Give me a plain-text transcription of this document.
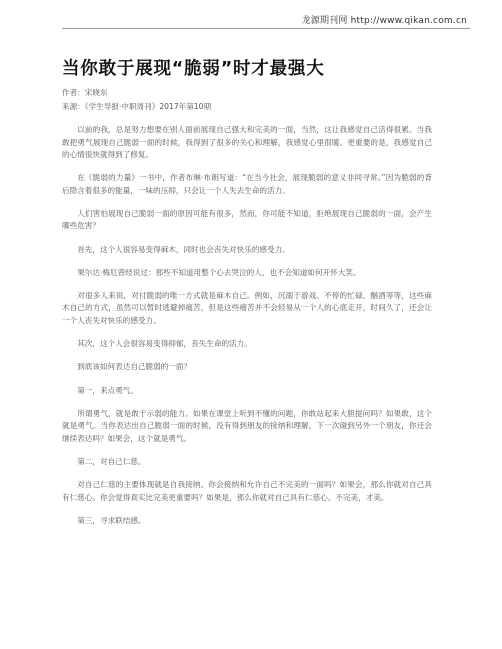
龙源期刊网 http://www.qikan.com.cn
当你敢于展现“脆弱”时才最强大
作者：宋晓东
来源：《学生导报·中职周刊》2017年第10期

以前的我，总是努力想要在别人面前展现自己强大和完美的一面，当然，这让我感觉自己活得很累。当我敢把勇气展现自己脆弱一面的时候，我得到了很多的关心和理解，我感觉心里很暖。更重要的是，我感觉自己的心情很快就得到了修复。

在《脆弱的力量》一书中，作者布琳·布朗写道：“在当今社会，展现脆弱的意义非同寻常。”因为脆弱的背后隐含着很多的能量，一味的压抑，只会让一个人失去生命的活力。

人们害怕展现自己脆弱一面的原因可能有很多，然而，你可能不知道，拒绝展现自己脆弱的一面，会产生哪些危害？

首先，这个人很容易变得麻木，同时也会丧失对快乐的感受力。

果尔达·梅厄曾经说过：那些不知道用整个心去哭泣的人，也不会知道如何开怀大笑。

对很多人来说，对付脆弱的唯一方式就是麻木自己。例如，沉溺于游戏、不停的忙碌、酗酒等等，这些麻木自己的方式，虽然可以暂时逃避掉痛苦，但是这些痛苦并不会轻易从一个人的心底走开，时间久了，还会让一个人丧失对快乐的感受力。

其次，这个人会很容易变得抑郁，丧失生命的活力。

到底该如何表达自己脆弱的一面？

第一，来点勇气。

所谓勇气，就是敢于示弱的能力。如果在课堂上听到不懂的问题，你敢站起来大胆提问吗？如果敢，这个就是勇气。当你表达出自己脆弱一面的时候，没有得到朋友的接纳和理解，下一次碰到另外一个朋友，你还会继续表达吗？如果会，这个就是勇气。

第二，对自己仁慈。

对自己仁慈的主要体现就是自我接纳。你会接纳和允许自己不完美的一面吗？如果会，那么你就对自己具有仁慈心。你会觉得真实比完美更重要吗？如果是，那么你就对自己具有仁慈心。不完美，才美。

第三，寻求联结感。
